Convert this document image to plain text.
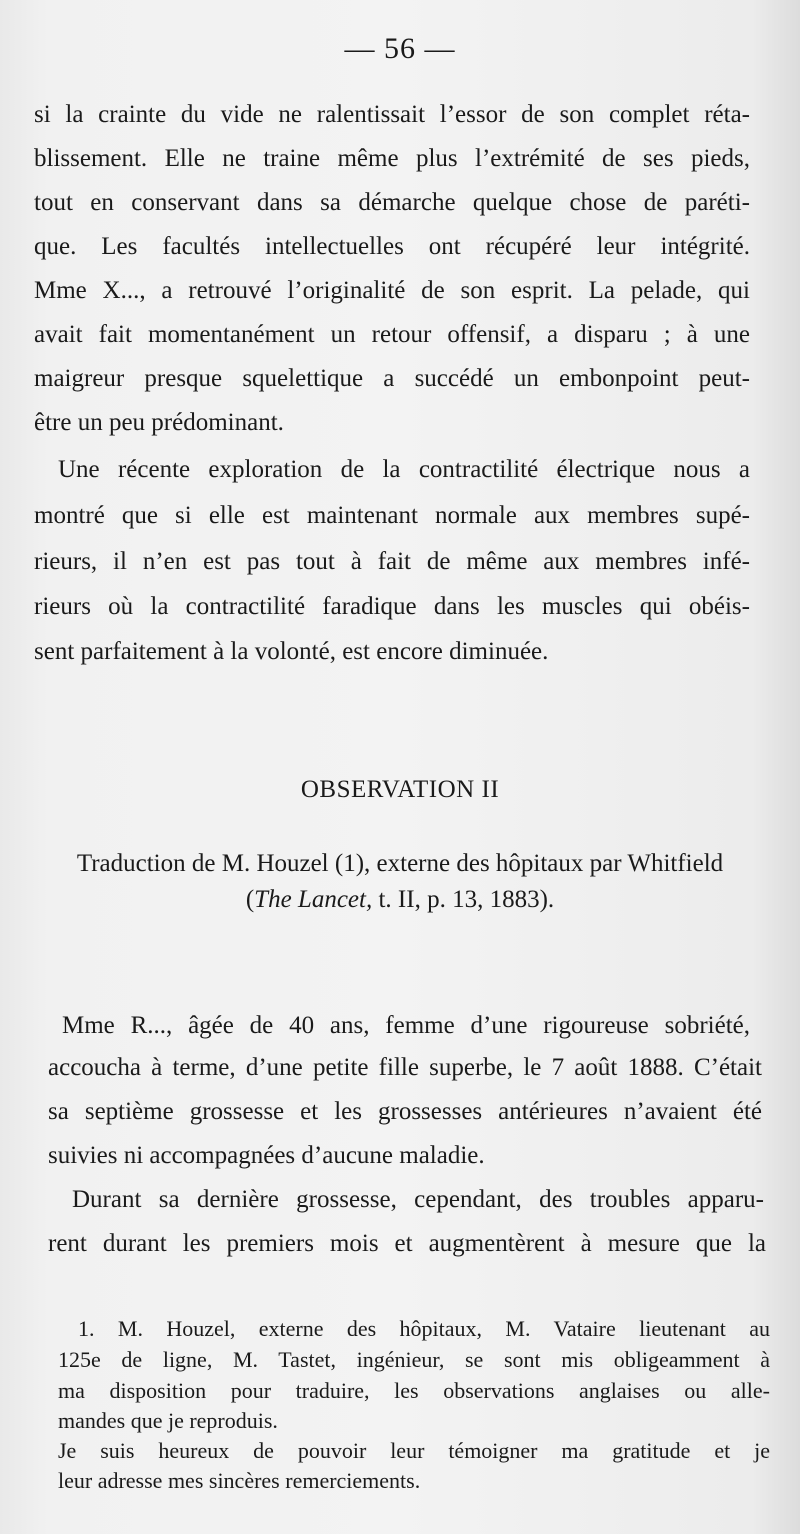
— 56 —
si la crainte du vide ne ralentissait l’essor de son complet réta-
blissement. Elle ne traine même plus l’extrémité de ses pieds,
tout en conservant dans sa démarche quelque chose de paréti-
que. Les facultés intellectuelles ont récupéré leur intégrité.
Mme X..., a retrouvé l’originalité de son esprit. La pelade, qui
avait fait momentanément un retour offensif, a disparu ; à une
maigreur presque squelettique a succédé un embonpoint peut-
être un peu prédominant.
Une récente exploration de la contractilité électrique nous a
montré que si elle est maintenant normale aux membres supé-
rieurs, il n’en est pas tout à fait de même aux membres infé-
rieurs où la contractilité faradique dans les muscles qui obéis-
sent parfaitement à la volonté, est encore diminuée.
OBSERVATION II
Traduction de M. Houzel (1), externe des hôpitaux par Whitfield
(The Lancet, t. II, p. 13, 1883).
Mme R..., âgée de 40 ans, femme d’une rigoureuse sobriété,
accoucha à terme, d’une petite fille superbe, le 7 août 1888. C’était
sa septième grossesse et les grossesses antérieures n’avaient été
suivies ni accompagnées d’aucune maladie.
Durant sa dernière grossesse, cependant, des troubles apparu-
rent durant les premiers mois et augmentèrent à mesure que la
1. M. Houzel, externe des hôpitaux, M. Vataire lieutenant au
125e de ligne, M. Tastet, ingénieur, se sont mis obligeamment à
ma disposition pour traduire, les observations anglaises ou alle-
mandes que je reproduis.
Je suis heureux de pouvoir leur témoigner ma gratitude et je
leur adresse mes sincères remerciements.
